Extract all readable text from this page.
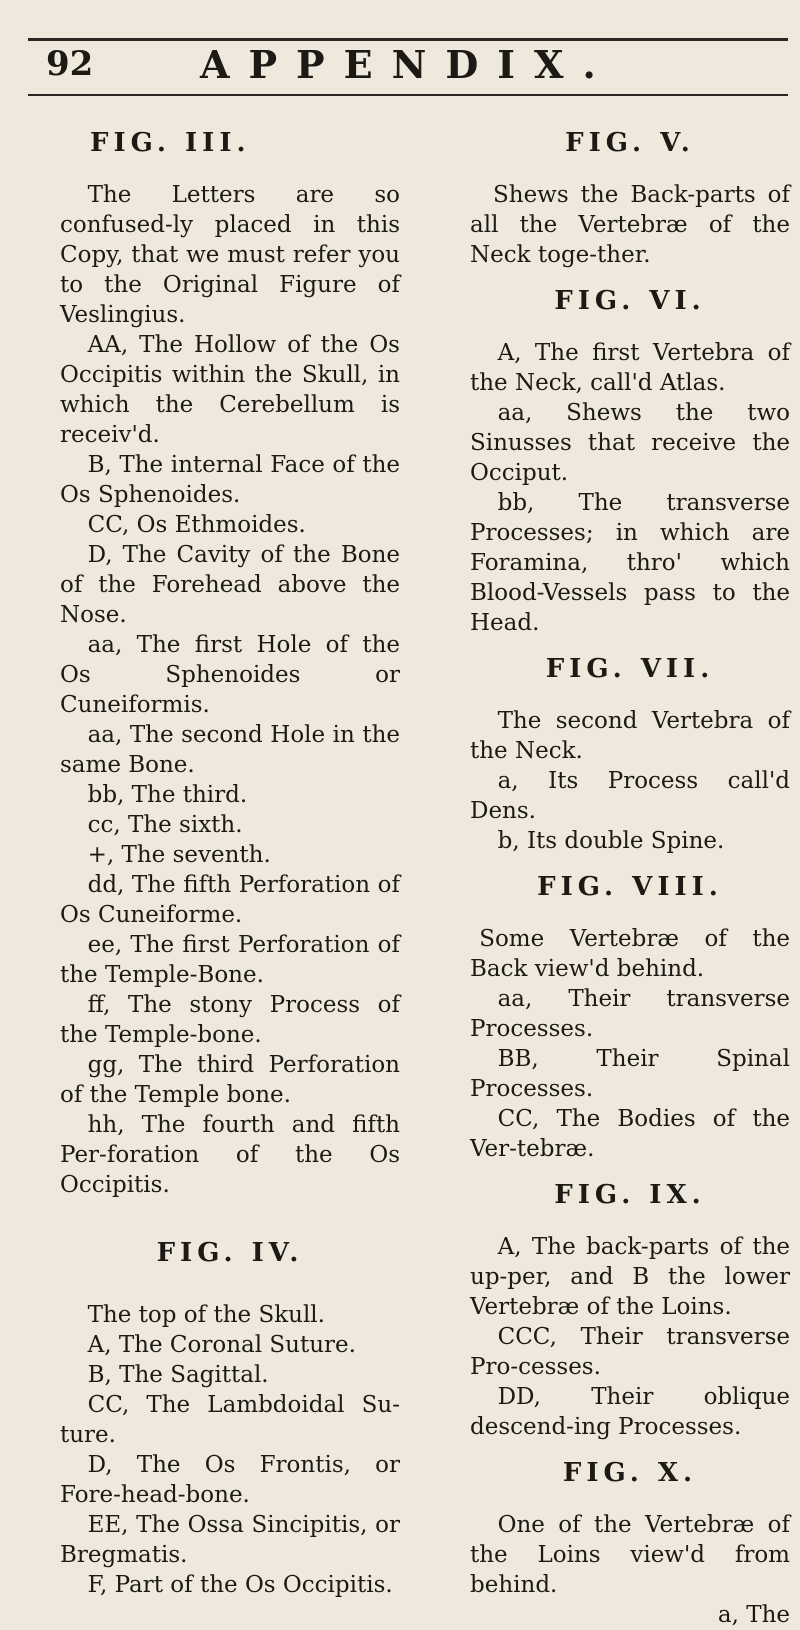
92	APPENDIX.
FIG. III.

The Letters are so confused-ly placed in this Copy, that we must refer you to the Original Figure of Veslingius.

AA, The Hollow of the Os Occipitis within the Skull, in which the Cerebellum is receiv'd.

B, The internal Face of the Os Sphenoides.

CC, Os Ethmoides.

D, The Cavity of the Bone of the Forehead above the Nose.

aa, The first Hole of the Os Sphenoides or Cuneiformis.

aa, The second Hole in the same Bone.

bb, The third.

cc, The sixth.

+, The seventh.

dd, The fifth Perforation of Os Cuneiforme.

ee, The first Perforation of the Temple-Bone.

ff, The stony Process of the Temple-bone.

gg, The third Perforation of the Temple bone.

hh, The fourth and fifth Per-foration of the Os Occipitis.

FIG. IV.

The top of the Skull.

A, The Coronal Suture.

B, The Sagittal.

CC, The Lambdoidal Su-ture.

D, The Os Frontis, or Fore-head-bone.

EE, The Ossa Sincipitis, or Bregmatis.

F, Part of the Os Occipitis.

FIG. V.

Shews the Back-parts of all the Vertebræ of the Neck toge-ther.

FIG. VI.

A, The first Vertebra of the Neck, call'd Atlas.

aa, Shews the two Sinusses that receive the Occiput.

bb, The transverse Processes; in which are Foramina, thro' which Blood-Vessels pass to the Head.

FIG. VII.

The second Vertebra of the Neck.

a, Its Process call'd Dens.

b, Its double Spine.

FIG. VIII.

Some Vertebræ of the Back view'd behind.

aa, Their transverse Processes.

BB, Their Spinal Processes.

CC, The Bodies of the Ver-tebræ.

FIG. IX.

A, The back-parts of the up-per, and B the lower Vertebræ of the Loins.

CCC, Their transverse Pro-cesses.

DD, Their oblique descend-ing Processes.

FIG. X.

One of the Vertebræ of the Loins view'd from behind.

a, The
